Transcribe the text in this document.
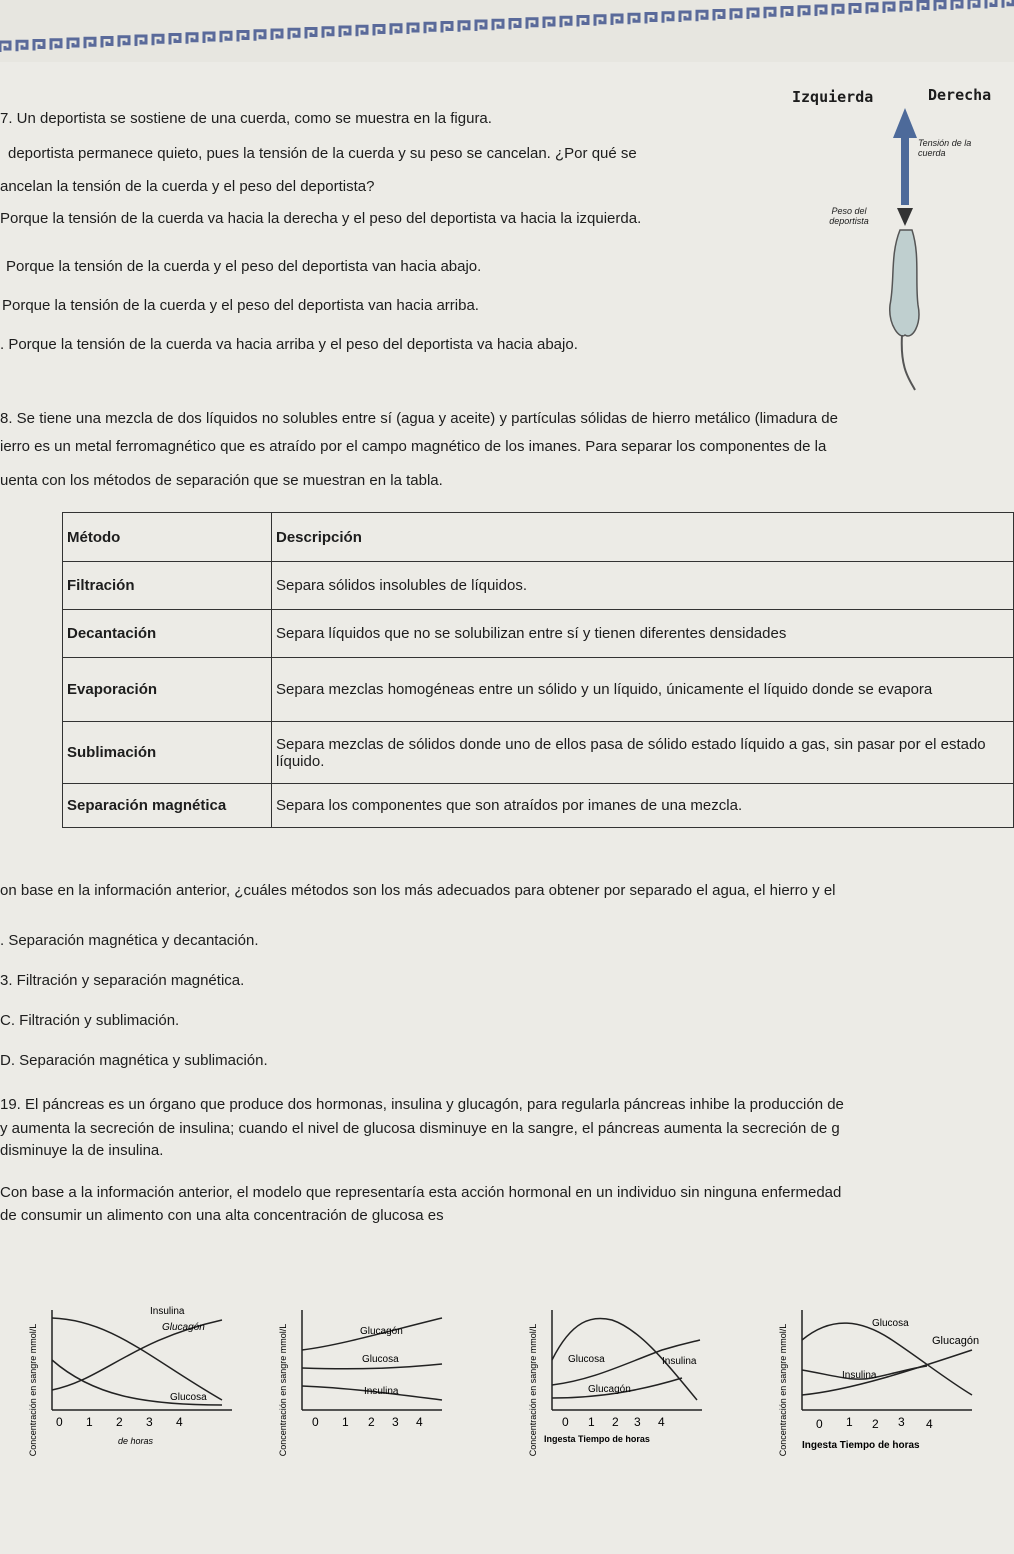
7. Un deportista se sostiene de una cuerda, como se muestra en la figura.
deportista permanece quieto, pues la tensión de la cuerda y su peso se cancelan. ¿Por qué se
ancelan la tensión de la cuerda y el peso del deportista?
Porque la tensión de la cuerda va hacia la derecha y el peso del deportista va hacia la izquierda.
Porque la tensión de la cuerda y el peso del deportista van hacia abajo.
Porque la tensión de la cuerda y el peso del deportista van hacia arriba.
. Porque la tensión de la cuerda va hacia arriba y el peso del deportista va hacia abajo.
Izquierda	Derecha
Tensión de la cuerda
Peso del deportista
8. Se tiene una mezcla de dos líquidos no solubles entre sí (agua y aceite) y partículas sólidas de hierro metálico (limadura de
ierro es un metal ferromagnético que es atraído por el campo magnético de los imanes. Para separar los componentes de la
uenta con los métodos de separación que se muestran en la tabla.
Método	Descripción
Filtración	Separa sólidos insolubles de líquidos.
Decantación	Separa líquidos que no se solubilizan entre sí y tienen diferentes densidades
Evaporación	Separa mezclas homogéneas entre un sólido y un líquido, únicamente el líquido donde se evapora
Sublimación	Separa mezclas de sólidos donde uno de ellos pasa de sólido estado líquido a gas, sin pasar por el estado líquido.
Separación magnética	Separa los componentes que son atraídos por imanes de una mezcla.
on base en la información anterior, ¿cuáles métodos son los más adecuados para obtener por separado el agua, el hierro y el
. Separación magnética y decantación.
3. Filtración y separación magnética.
C. Filtración y sublimación.
D. Separación magnética y sublimación.
19. El páncreas es un órgano que produce dos hormonas, insulina y glucagón, para regularla páncreas inhibe la producción de
y aumenta la secreción de insulina; cuando el nivel de glucosa disminuye en la sangre, el páncreas aumenta la secreción de g
disminuye la de insulina.
Con base a la información anterior, el modelo que representaría esta acción hormonal en un individuo sin ninguna enfermedad
de consumir un alimento con una alta concentración de glucosa es
Concentración en sangre mmol/L
Insulina
Glucagón
Glucosa
0 1 2 3 4
de horas	Concentración en sangre mmol/L	Glucagón
Glucosa
Insulina
0 1 2 3 4	Concentración en sangre mmol/L	Glucosa	Insulina
Glucagón
0 1 2 3 4
Ingesta Tiempo de horas	Concentración en sangre mmol/L
Glucosa
Glucagón
Insulina
0 1 2 3 4
Ingesta Tiempo de horas
